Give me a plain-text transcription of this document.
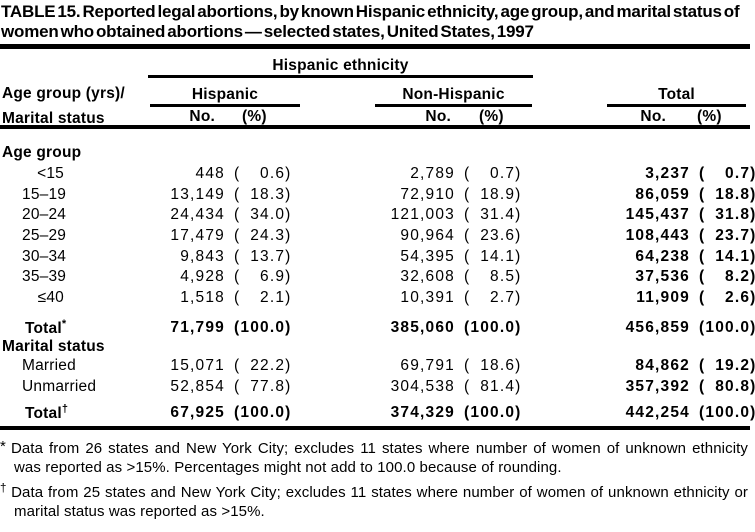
TABLE 15. Reported legal abortions, by known Hispanic ethnicity, age group, and marital status of women who obtained abortions — selected states, United States, 1997
Hispanic ethnicity
Age group (yrs)/
Marital status
Hispanic	Non-Hispanic	Total
No.	(%)	No.	(%)	No.	(%)
Age group
<15	448 ( 0.6)	2,789 ( 0.7)	3,237 ( 0.7)
15–19	13,149 ( 18.3)	72,910 ( 18.9)	86,059 ( 18.8)
20–24	24,434 ( 34.0)	121,003 ( 31.4)	145,437 ( 31.8)
25–29	17,479 ( 24.3)	90,964 ( 23.6)	108,443 ( 23.7)
30–34	9,843 ( 13.7)	54,395 ( 14.1)	64,238 ( 14.1)
35–39	4,928 ( 6.9)	32,608 ( 8.5)	37,536 ( 8.2)
≤40	1,518 ( 2.1)	10,391 ( 2.7)	11,909 ( 2.6)
Total*	71,799 (100.0)	385,060 (100.0)	456,859 (100.0)
Marital status
Married	15,071 ( 22.2)	69,791 ( 18.6)	84,862 ( 19.2)
Unmarried	52,854 ( 77.8)	304,538 ( 81.4)	357,392 ( 80.8)
Total†	67,925 (100.0)	374,329 (100.0)	442,254 (100.0)
* Data from 26 states and New York City; excludes 11 states where number of women of unknown ethnicity was reported as >15%. Percentages might not add to 100.0 because of rounding.
† Data from 25 states and New York City; excludes 11 states where number of women of unknown ethnicity or marital status was reported as >15%.
